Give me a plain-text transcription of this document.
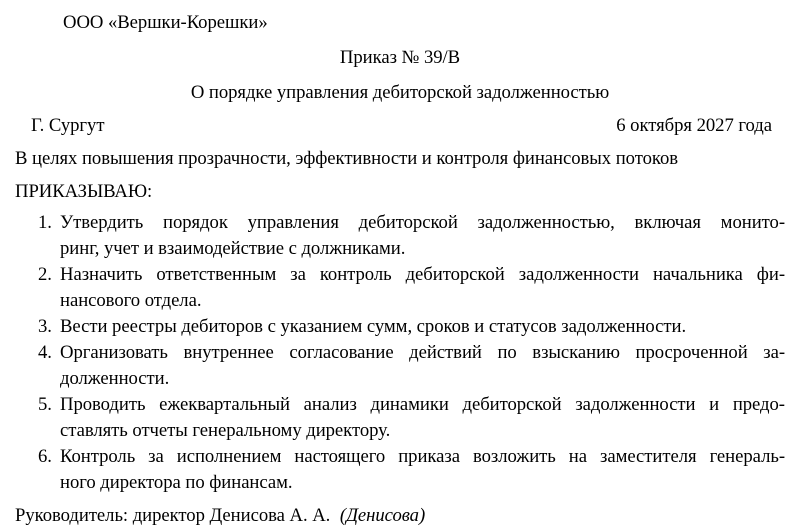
ООО «Вершки-Корешки»
Приказ № 39/В
О порядке управления дебиторской задолженностью
Г. Сургут	6 октября 2027 года
В целях повышения прозрачности, эффективности и контроля финансовых потоков
ПРИКАЗЫВАЮ:
1. Утвердить порядок управления дебиторской задолженностью, включая монито-
ринг, учет и взаимодействие с должниками.
2. Назначить ответственным за контроль дебиторской задолженности начальника фи-
нансового отдела.
3. Вести реестры дебиторов с указанием сумм, сроков и статусов задолженности.
4. Организовать внутреннее согласование действий по взысканию просроченной за-
долженности.
5. Проводить ежеквартальный анализ динамики дебиторской задолженности и предо-
ставлять отчеты генеральному директору.
6. Контроль за исполнением настоящего приказа возложить на заместителя генераль-
ного директора по финансам.
Руководитель: директор Денисова А. А. (Денисова)
